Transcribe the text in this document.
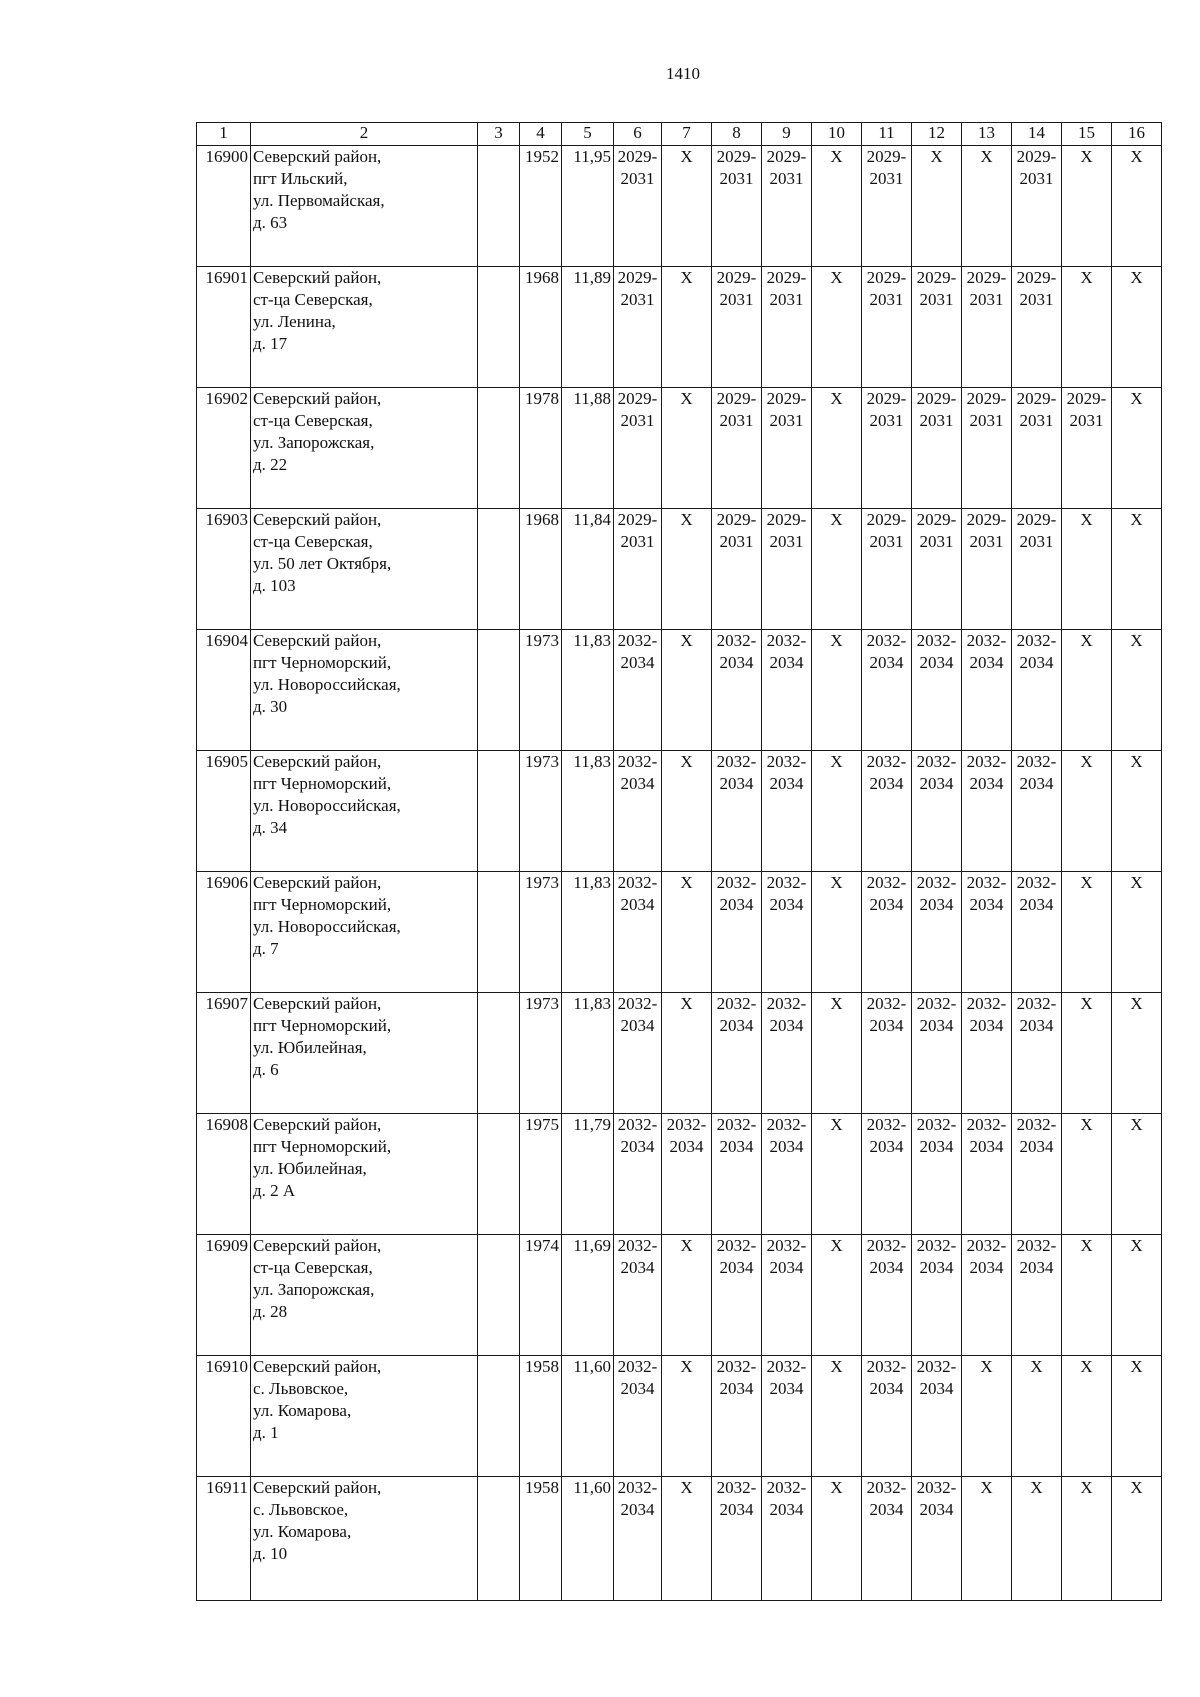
1410
1	2	3	4	5	6	7	8	9	10	11	12	13	14	15	16
16900	Северский район,
пгт Ильский,
ул. Первомайская,
д. 63		1952	11,95	2029-
2031	Х	2029-
2031	2029-
2031	Х	2029-
2031	Х	Х	2029-
2031	Х	Х

16901	Северский район,
ст-ца Северская,
ул. Ленина,
д. 17		1968	11,89	2029-
2031	Х	2029-
2031	2029-
2031	Х	2029-
2031	2029-
2031	2029-
2031	2029-
2031	Х	Х

16902	Северский район,
ст-ца Северская,
ул. Запорожская,
д. 22		1978	11,88	2029-
2031	Х	2029-
2031	2029-
2031	Х	2029-
2031	2029-
2031	2029-
2031	2029-
2031	2029-
2031	Х

16903	Северский район,
ст-ца Северская,
ул. 50 лет Октября,
д. 103		1968	11,84	2029-
2031	Х	2029-
2031	2029-
2031	Х	2029-
2031	2029-
2031	2029-
2031	2029-
2031	Х	Х

16904	Северский район,
пгт Черноморский,
ул. Новороссийская,
д. 30		1973	11,83	2032-
2034	Х	2032-
2034	2032-
2034	Х	2032-
2034	2032-
2034	2032-
2034	2032-
2034	Х	Х

16905	Северский район,
пгт Черноморский,
ул. Новороссийская,
д. 34		1973	11,83	2032-
2034	Х	2032-
2034	2032-
2034	Х	2032-
2034	2032-
2034	2032-
2034	2032-
2034	Х	Х

16906	Северский район,
пгт Черноморский,
ул. Новороссийская,
д. 7		1973	11,83	2032-
2034	Х	2032-
2034	2032-
2034	Х	2032-
2034	2032-
2034	2032-
2034	2032-
2034	Х	Х

16907	Северский район,
пгт Черноморский,
ул. Юбилейная,
д. 6		1973	11,83	2032-
2034	Х	2032-
2034	2032-
2034	Х	2032-
2034	2032-
2034	2032-
2034	2032-
2034	Х	Х

16908	Северский район,
пгт Черноморский,
ул. Юбилейная,
д. 2 А		1975	11,79	2032-
2034	2032-
2034	2032-
2034	2032-
2034	Х	2032-
2034	2032-
2034	2032-
2034	2032-
2034	Х	Х

16909	Северский район,
ст-ца Северская,
ул. Запорожская,
д. 28		1974	11,69	2032-
2034	Х	2032-
2034	2032-
2034	Х	2032-
2034	2032-
2034	2032-
2034	2032-
2034	Х	Х

16910	Северский район,
с. Львовское,
ул. Комарова,
д. 1		1958	11,60	2032-
2034	Х	2032-
2034	2032-
2034	Х	2032-
2034	2032-
2034	Х	Х	Х	Х

16911	Северский район,
с. Львовское,
ул. Комарова,
д. 10		1958	11,60	2032-
2034	Х	2032-
2034	2032-
2034	Х	2032-
2034	2032-
2034	Х	Х	Х	Х
